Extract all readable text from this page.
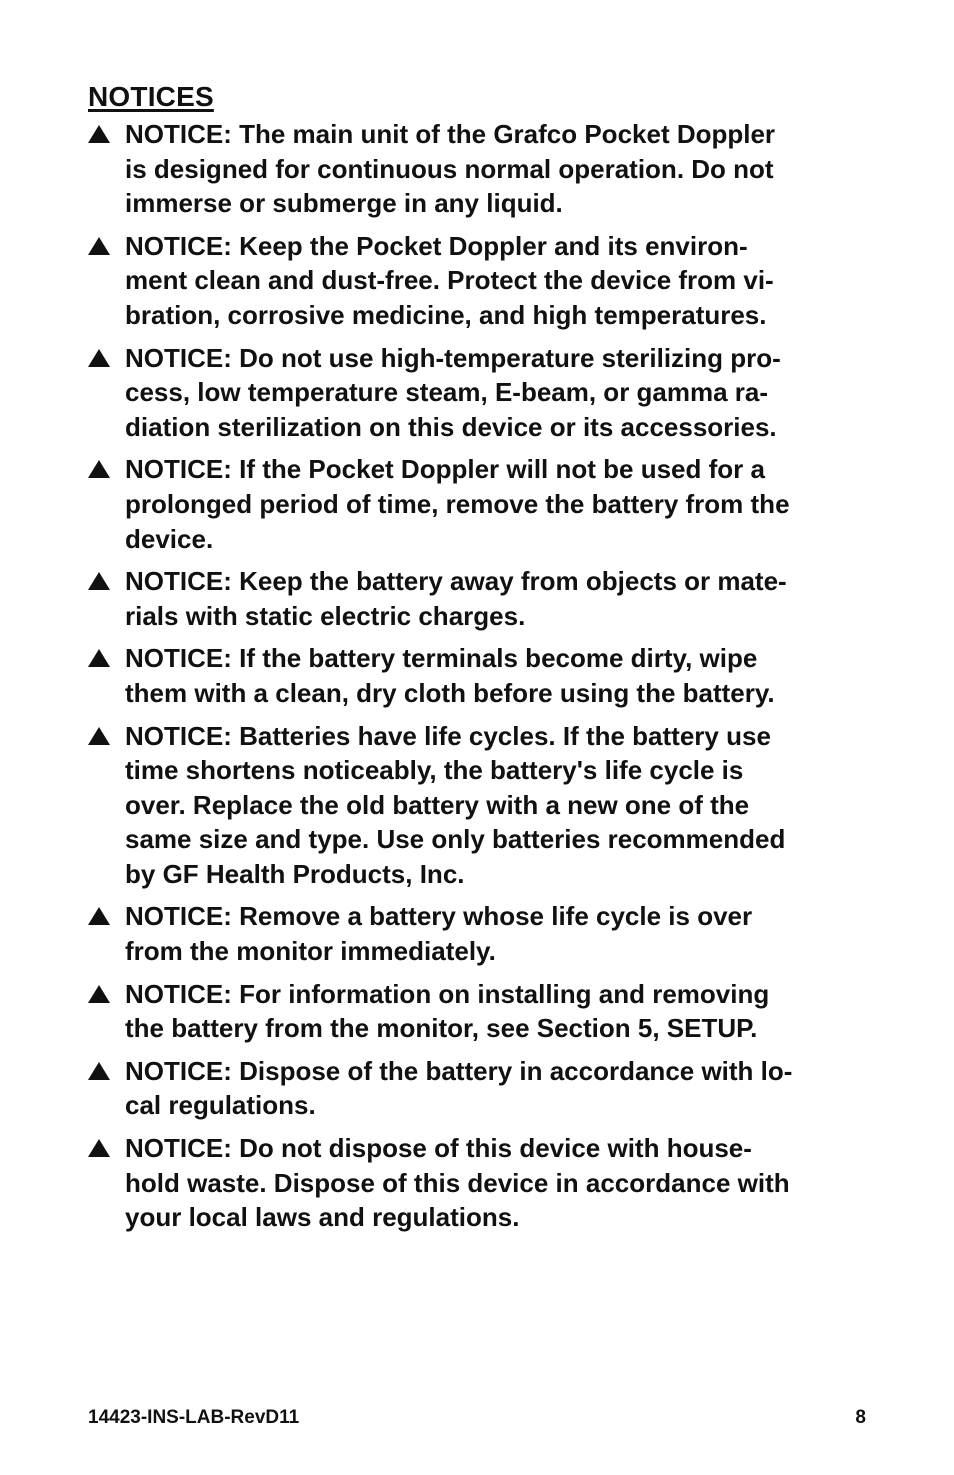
NOTICES
NOTICE: The main unit of the Grafco Pocket Doppler
is designed for continuous normal operation. Do not
immerse or submerge in any liquid.
NOTICE: Keep the Pocket Doppler and its environ-
ment clean and dust-free. Protect the device from vi-
bration, corrosive medicine, and high temperatures.
NOTICE: Do not use high-temperature sterilizing pro-
cess, low temperature steam, E-beam, or gamma ra-
diation sterilization on this device or its accessories.
NOTICE: If the Pocket Doppler will not be used for a
prolonged period of time, remove the battery from the
device.
NOTICE: Keep the battery away from objects or mate-
rials with static electric charges.
NOTICE: If the battery terminals become dirty, wipe
them with a clean, dry cloth before using the battery.
NOTICE: Batteries have life cycles. If the battery use
time shortens noticeably, the battery's life cycle is
over. Replace the old battery with a new one of the
same size and type. Use only batteries recommended
by GF Health Products, Inc.
NOTICE: Remove a battery whose life cycle is over
from the monitor immediately.
NOTICE: For information on installing and removing
the battery from the monitor, see Section 5, SETUP.
NOTICE: Dispose of the battery in accordance with lo-
cal regulations.
NOTICE: Do not dispose of this device with house-
hold waste. Dispose of this device in accordance with
your local laws and regulations.

14423-INS-LAB-RevD11	8
